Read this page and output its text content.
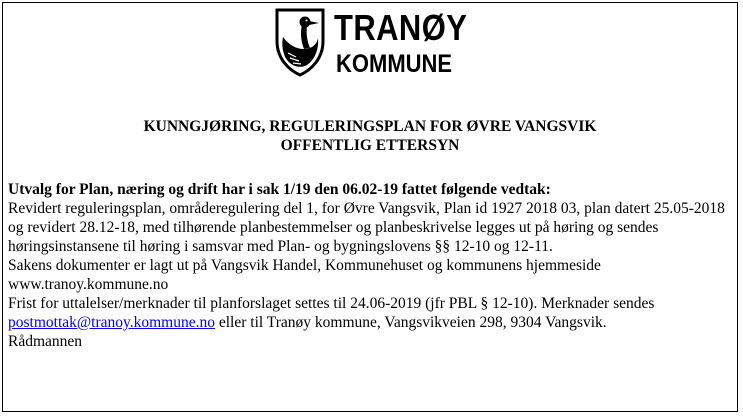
TRANØY
KOMMUNE
KUNNGJØRING, REGULERINGSPLAN FOR ØVRE VANGSVIK
OFFENTLIG ETTERSYN

Utvalg for Plan, næring og drift har i sak 1/19 den 06.02-19 fattet følgende vedtak:

Revidert reguleringsplan, områderegulering del 1, for Øvre Vangsvik, Plan id 1927 2018 03, plan datert 25.05-2018 og revidert 28.12-18, med tilhørende planbestemmelser og planbeskrivelse legges ut på høring og sendes høringsinstansene til høring i samsvar med Plan- og bygningslovens §§ 12-10 og 12-11.

Sakens dokumenter er lagt ut på Vangsvik Handel, Kommunehuset og kommunens hjemmeside www.tranoy.kommune.no

Frist for uttalelser/merknader til planforslaget settes til 24.06-2019 (jfr PBL § 12-10). Merknader sendes postmottak@tranoy.kommune.no eller til Tranøy kommune, Vangsvikveien 298, 9304 Vangsvik.

Rådmannen
